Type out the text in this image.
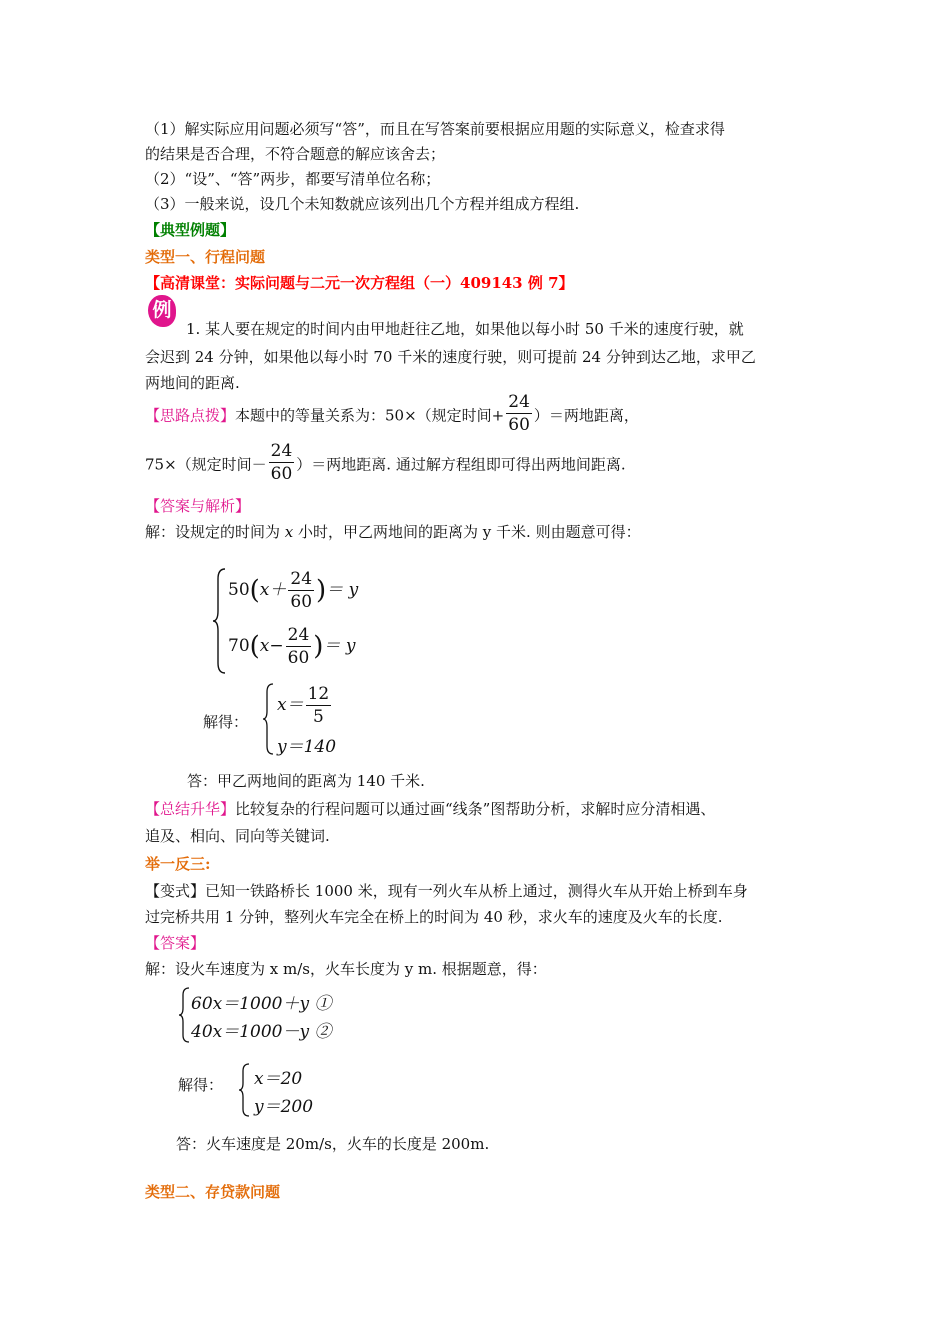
（1）解实际应用问题必须写“答”，而且在写答案前要根据应用题的实际意义，检查求得
的结果是否合理，不符合题意的解应该舍去；
（2）“设”、“答”两步，都要写清单位名称；
（3）一般来说，设几个未知数就应该列出几个方程并组成方程组.
【典型例题】
类型一、行程问题
【高清课堂：实际问题与二元一次方程组（一）409143 例 7】
例
1. 某人要在规定的时间内由甲地赶往乙地，如果他以每小时 50 千米的速度行驶，就
会迟到 24 分钟，如果他以每小时 70 千米的速度行驶，则可提前 24 分钟到达乙地，求甲乙
两地间的距离.
【思路点拨】本题中的等量关系为：50×（规定时间+ $\frac{24}{60}$ ）＝两地距离，
75×（规定时间－ $\frac{24}{60}$ ）＝两地距离. 通过解方程组即可得出两地间距离.
【答案与解析】
解：设规定的时间为 x 小时，甲乙两地间的距离为 y 千米. 则由题意可得：
$50(x+ \frac{24}{60}$ )＝ y
$70(x- \frac{24}{60}$ )＝ y
解得：
$x= \frac{12}{5}$
y＝140
答：甲乙两地间的距离为 140 千米.
【总结升华】比较复杂的行程问题可以通过画“线条”图帮助分析，求解时应分清相遇、
追及、相向、同向等关键词.
举一反三:
【变式】已知一铁路桥长 1000 米，现有一列火车从桥上通过，测得火车从开始上桥到车身
过完桥共用 1 分钟，整列火车完全在桥上的时间为 40 秒，求火车的速度及火车的长度.
【答案】
解：设火车速度为 x m/s，火车长度为 y m. 根据题意，得：
60x＝1000＋y ①
40x＝1000－y ②
解得： x＝20
y＝200
答：火车速度是 20m/s，火车的长度是 200m.
类型二、存贷款问题
